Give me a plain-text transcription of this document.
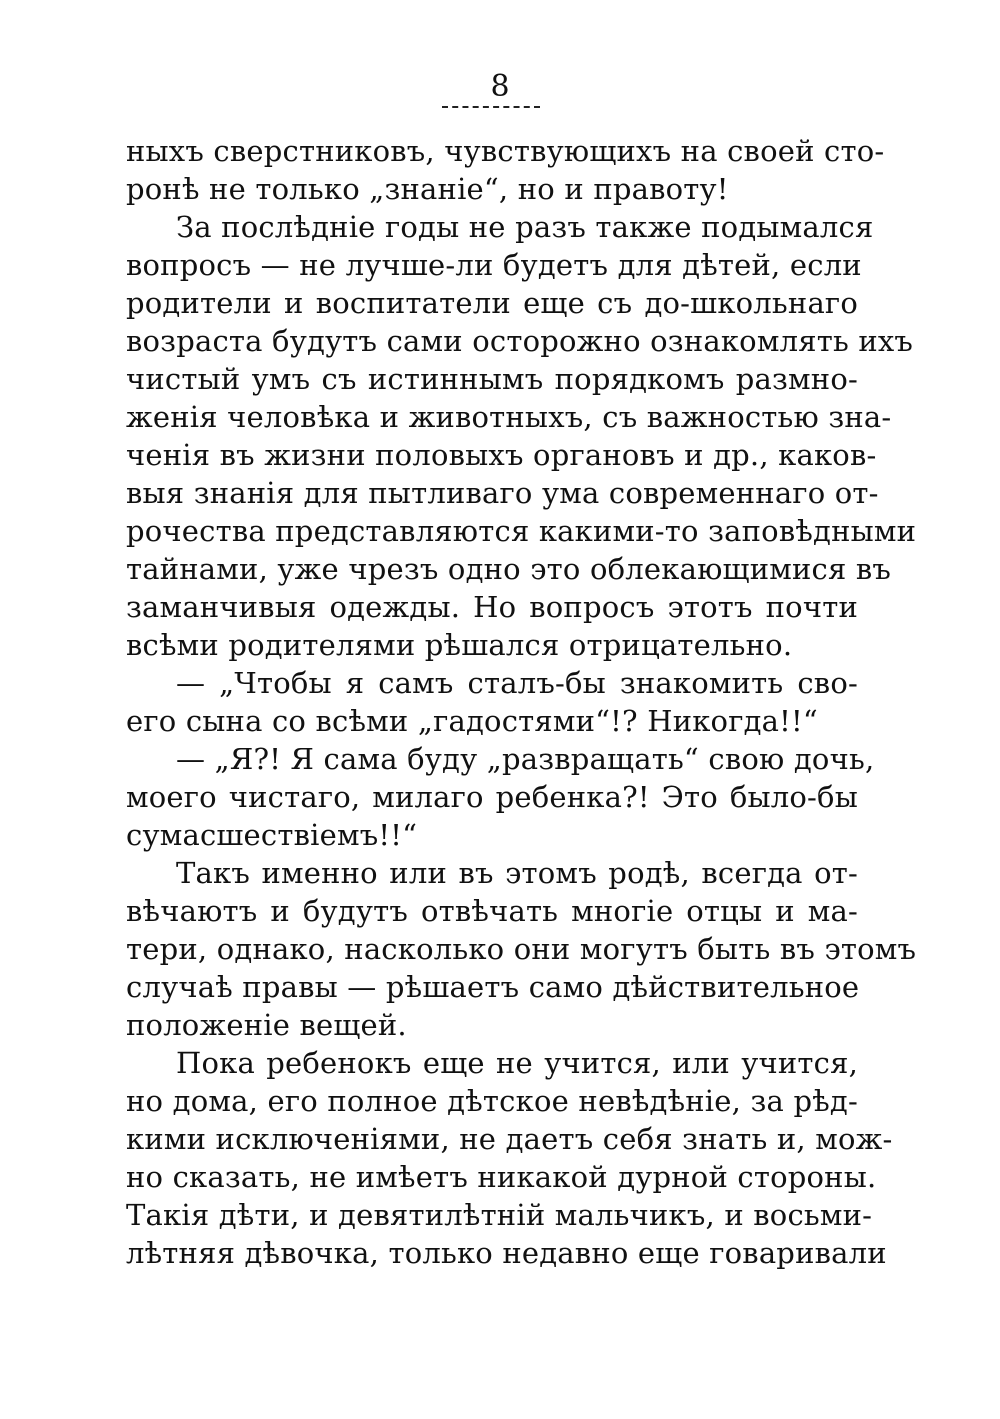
8
ныхъ сверстниковъ, чувствующихъ на своей сто-
ронѣ не только „знаніе“, но и правоту!
За послѣдніе годы не разъ также подымался
вопросъ — не лучше-ли будетъ для дѣтей, если
родители и воспитатели еще съ до-школьнаго
возраста будутъ сами осторожно ознакомлять ихъ
чистый умъ съ истиннымъ порядкомъ размно-
женія человѣка и животныхъ, съ важностью зна-
ченія въ жизни половыхъ органовъ и др., каков-
выя знанія для пытливаго ума современнаго от-
рочества представляются какими-то заповѣдными
тайнами, уже чрезъ одно это облекающимися въ
заманчивыя одежды. Но вопросъ этотъ почти
всѣми родителями рѣшался отрицательно.
— „Чтобы я самъ сталъ-бы знакомить сво-
его сына со всѣми „гадостями“!? Никогда!!“
— „Я?! Я сама буду „развращать“ свою дочь,
моего чистаго, милаго ребенка?! Это было-бы
сумасшествіемъ!!“
Такъ именно или въ этомъ родѣ, всегда от-
вѣчаютъ и будутъ отвѣчать многіе отцы и ма-
тери, однако, насколько они могутъ быть въ этомъ
случаѣ правы — рѣшаетъ само дѣйствительное
положеніе вещей.
Пока ребенокъ еще не учится, или учится,
но дома, его полное дѣтское невѣдѣніе, за рѣд-
кими исключеніями, не даетъ себя знать и, мож-
но сказать, не имѣетъ никакой дурной стороны.
Такія дѣти, и девятилѣтній мальчикъ, и восьми-
лѣтняя дѣвочка, только недавно еще говаривали
